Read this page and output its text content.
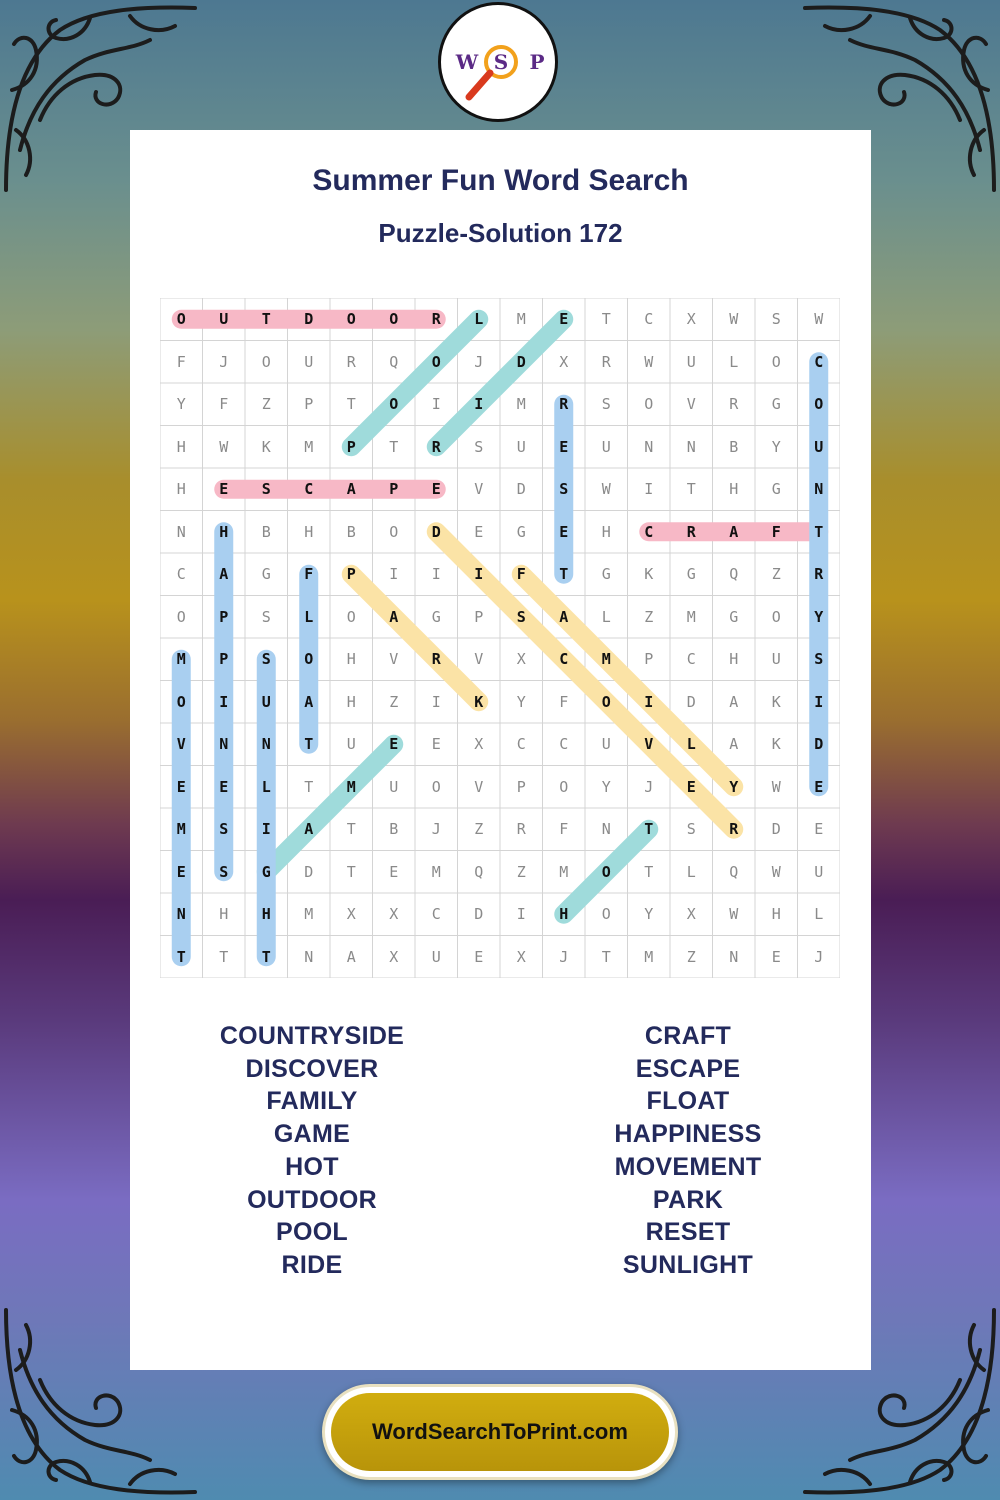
W S P
Summer Fun Word Search
Puzzle-Solution 172
COUNTRYSIDE
DISCOVER
FAMILY
GAME
HOT
OUTDOOR
POOL
RIDE
CRAFT
ESCAPE
FLOAT
HAPPINESS
MOVEMENT
PARK
RESET
SUNLIGHT
O	U	T	D	O	O	R	L	M	E	T	C	X	W	S	W
F	J	O	U	R	Q	O	J	D	X	R	W	U	L	O	C
Y	F	Z	P	T	O	I	I	M	R	S	O	V	R	G	O
H	W	K	M	P	T	R	S	U	E	U	N	N	B	Y	U
H	E	S	C	A	P	E	V	D	S	W	I	T	H	G	N
N	H	B	H	B	O	D	E	G	E	H	C	R	A	F	T
C	A	G	F	P	I	I	I	F	T	G	K	G	Q	Z	R
O	P	S	L	O	A	G	P	S	A	L	Z	M	G	O	Y
M	P	S	O	H	V	R	V	X	C	M	P	C	H	U	S
O	I	U	A	H	Z	I	K	Y	F	O	I	D	A	K	I
V	N	N	T	U	E	E	X	C	C	U	V	L	A	K	D
E	E	L	T	M	U	O	V	P	O	Y	J	E	Y	W	E
M	S	I	A	T	B	J	Z	R	F	N	T	S	R	D	E
E	S	G	D	T	E	M	Q	Z	M	O	T	L	Q	W	U
N	H	H	M	X	X	C	D	I	H	O	Y	X	W	H	L
T	T	T	N	A	X	U	E	X	J	T	M	Z	N	E	J
WordSearchToPrint.com
